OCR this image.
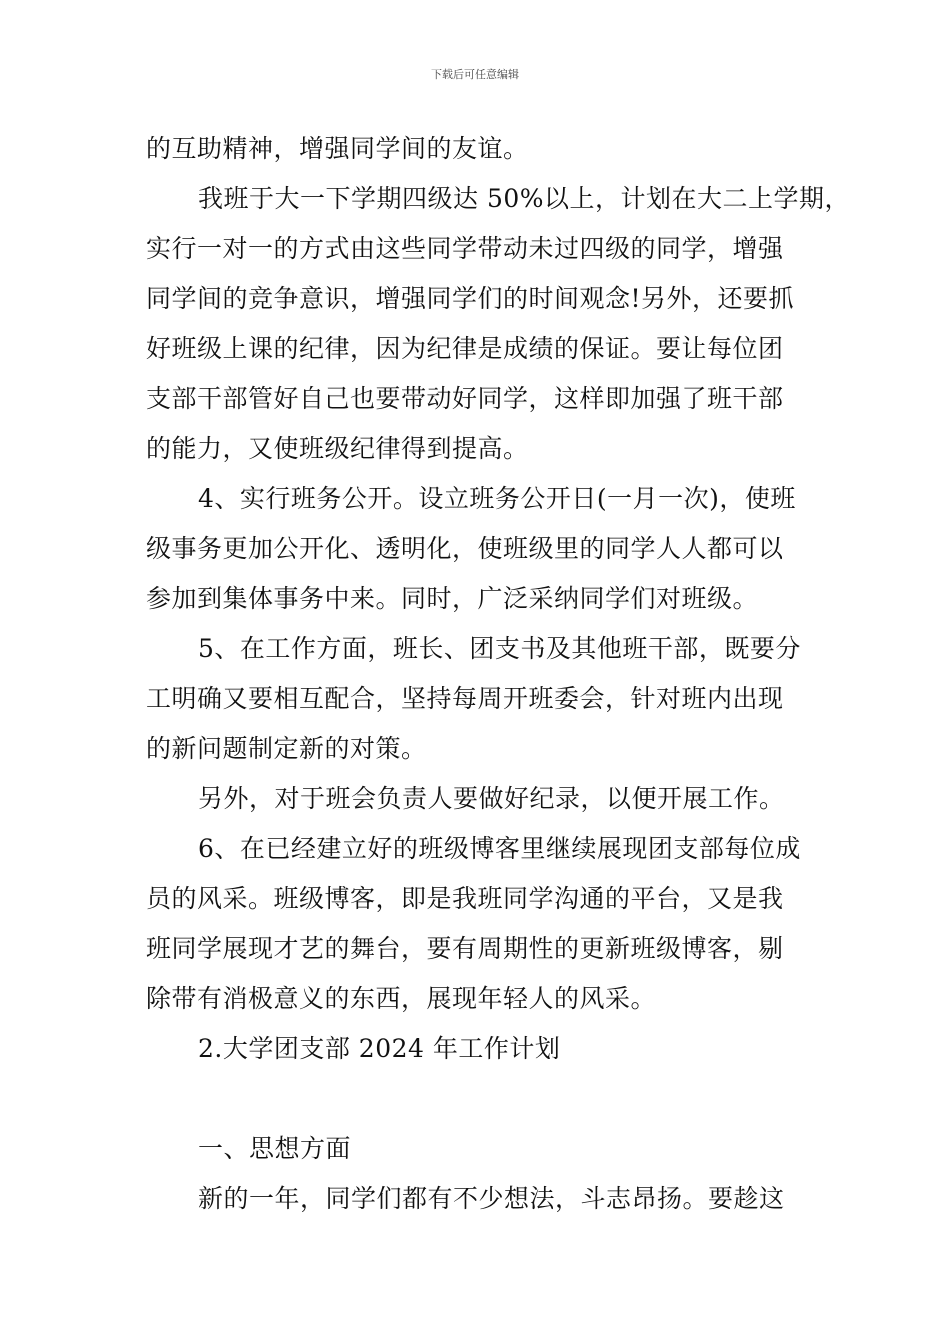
下载后可任意编辑
的互助精神，增强同学间的友谊。
我班于大一下学期四级达 50%以上，计划在大二上学期，
实行一对一的方式由这些同学带动未过四级的同学，增强
同学间的竞争意识，增强同学们的时间观念!另外，还要抓
好班级上课的纪律，因为纪律是成绩的保证。要让每位团
支部干部管好自己也要带动好同学，这样即加强了班干部
的能力，又使班级纪律得到提高。
4、实行班务公开。设立班务公开日(一月一次)，使班
级事务更加公开化、透明化，使班级里的同学人人都可以
参加到集体事务中来。同时，广泛采纳同学们对班级。
5、在工作方面，班长、团支书及其他班干部，既要分
工明确又要相互配合，坚持每周开班委会，针对班内出现
的新问题制定新的对策。
另外，对于班会负责人要做好纪录，以便开展工作。
6、在已经建立好的班级博客里继续展现团支部每位成
员的风采。班级博客，即是我班同学沟通的平台，又是我
班同学展现才艺的舞台，要有周期性的更新班级博客，剔
除带有消极意义的东西，展现年轻人的风采。
2.大学团支部 2024 年工作计划
一、思想方面
新的一年，同学们都有不少想法，斗志昂扬。要趁这
